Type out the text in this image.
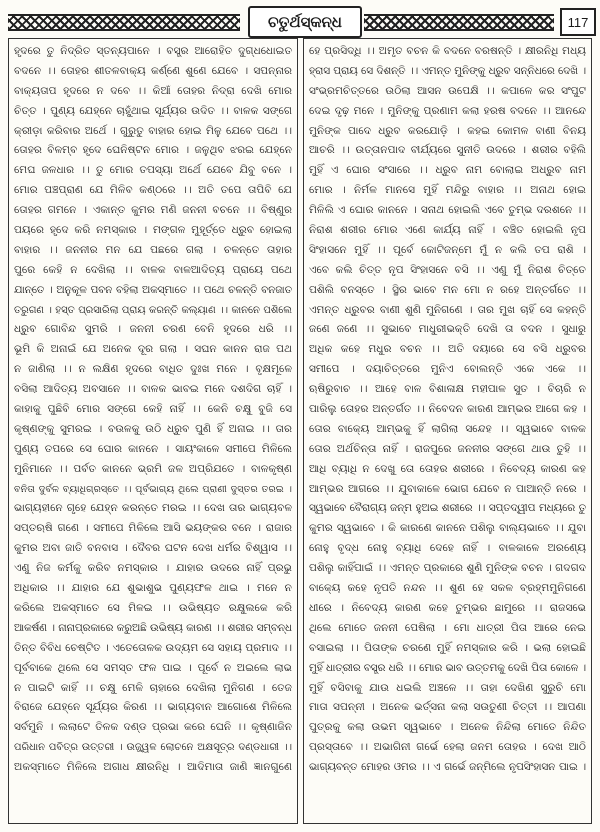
ଚତୁର୍ଥସ୍କନ୍ଧ	117
ହୃଦରେ ତୁ ନିଦ୍ରିତ ସ୍ତନ୍ୟପାନେ । ବସ୍ତ୍ର ଆରୋହିତ ଦୁଗ୍ଧଧୋଇତ
ବଦନେ ।। ତୋହର ଶୀତଳବାକ୍ୟ କର୍ଣ୍ଣେ ଶୁଣେ ଯେବେ । ସପନ୍ନାର
ବାକ୍ୟତାପ ହୃଦରେ ନ ଦବେ ।। କିଆଁ ତୋହର ନିଦ୍ରା ଦେଖି ମୋର
ଚିତ୍ତ । ପୁଣ୍ୟ ଯେହ୍ନେ ଚାହୁଁଥାଇ ସୂର୍ଯ୍ୟର ଉଦିତ ।। ବାଳକ ସଙ୍ଗେ
କ୍ରୀଡ଼ା କରିବାର ଅର୍ଥେ । ଗୁରୁତୁ ବାହାର ହୋଇ ମିଳୁ ଯେବେ ପଥେ ।।
ତୋହର ବିଳମ୍ବ ହୃଦେ ଘେନିଷ୍ଟନ ମୋର । ଜଳୁଥିବ ଝରଇ ଯେହ୍ନେ
ମେଘ ଜଳଧାର ।। ତୁ ମୋର ତପସ୍ୟା ଅର୍ଥେ ଯେବେ ଯିବୁ ବନେ ।
ମୋର ପଞ୍ଚପ୍ରାଣ ଯେ ମିଳିବ କଣ୍ଠରେ ।। ଅତି ତପେ ତାପିବି ଯେ
ତୋହର ଗମନେ । ଏକାନ୍ତ କୁମର ମଣି ଜନନୀ ବଚନେ ।। ବିଷ୍ଣୁର
ପୟରେ ହୃଦେ କରି ନମସ୍କାର । ମଙ୍ଗଳ ମୁହୂର୍ତ୍ତେ ଧ୍ରୁବ ହୋଇଲା
ବାହାର ।। ଜନନୀର ମନ ଯେ ପଛରେ ଗଲା । ଚଳନ୍ତେ ତାହାର
ପୁରେ କେହି ନ ଦେଖିଲା ।। ବାଳକ ବାଳଆଦିତ୍ୟ ପ୍ରାୟେ ପଥେ
ଯାନ୍ତେ । ଅନୁକୂଳ ପବନ ବହିଲା ଅକସ୍ମାତେ ।। ପଥେ ଚଳନ୍ତି ବନଜାତ
ତରୁଗଣ । ହସ୍ତ ପ୍ରସାରିଲା ପ୍ରାୟ କରନ୍ତି କଲ୍ୟାଣ ।। କାନନେ ପଶିଲେ
ଧ୍ରୁବ ଗୋବିନ୍ଦ ସୁମରି । ଜନନୀ ଚରଣ ବେନି ହୃଦରେ ଧରି ।।
ଭୂମି କି ଅନାଇଁ ଯେ ଅନେକ ଦୂର ଗଲା । ସଘନ କାନନ ରାଜ ପଥ
ନ ଜାଣିଲା ।। ନ ଲକ୍ଷିଣ ହୃଦରେ ବାଧିତ ଦୁଃଖ ମନେ । ବୃକ୍ଷମୂଳେ
ବସିଲା ଆଦିତ୍ୟ ଅବସାନେ ।। ବାଳକ ଭାବଇ ମନେ ଦଶଦିଗ ଚାହିଁ ।
କାହାକୁ ପୁଛିବି ମୋର ସଙ୍ଗେ କେହି ନାହିଁ ।। କେନି ଚକ୍ଷୁ ବୁଜି ସେ
କୃଷ୍ଣଙ୍କୁ ସୁମରଇ । ବଉଳକୁ ଉଠି ଧ୍ରୁବ ପୁଣି ହିଁ ଅନାଇ ।। ତାର
ପୁଣ୍ୟ ତପରେ ସେ ଘୋର କାନନେ । ସାୟଂକାଳେ ସମୀପେ ମିଳିଲେ
ମୁନିମାନେ ।। ପର୍ବତ କାନନେ ଭ୍ରମି ଜଳ ଅପ୍ରିଯତେ । ବାଳକୃଷ୍ଣ
ବନିତା ଦୁର୍ବଳ ବ୍ୟାଧିଗ୍ରସ୍ତେ ।। ପୂର୍ବଭାଗ୍ୟ ଥିଲେ ପ୍ରାଣୀ ଦୁସ୍ତର ତରଇ ।
ଭାଗ୍ୟହୀନେ ଗୃହେ ଯେହ୍ନ କରନ୍ତେ ମରଇ ।। ଦେଖ ତାର ଭାଗ୍ୟବଳ
ସପ୍ତଋଷି ଗଣେ । ସମୀପେ ମିଳିଲେ ଆସି ଭୟଙ୍କର ବନେ । ରାଜାର
କୁମର ଅବା ଜାତି ବନବାସ । ଦୈବର ଘଟନ ଦେଖ ଧର୍ମର ବିଶ୍ୱାସ ।।
ଏଣୁ ନିଜ କର୍ମକୁ କରିବ ନମସ୍କାର । ଯାହାର ଉଦରେ ନାହିଁ ପ୍ରଭୁ
ଅଧିକାର ।। ଯାହାର ଯେ ଶୁଭାଶୁଭ ପୁଣ୍ୟଫଳ ଥାଇ । ମନେ ନ
କରିଲେ ଅକସ୍ମାତେ ସେ ମିଳଇ ।। ଉଭିଷ୍ୟତ ରକ୍ଷୁଲକେ କରି
ଆକର୍ଷଣ । ନାନାପ୍ରକାରେ କରୁଅଛି ଉଭିଷ୍ୟ କାରଣ ।। ଶରୀର ସମ୍ବନ୍ଧ
ତିନ୍ତ ବିବିଧ ଚେଷ୍ଟିତ । ଏତେତୋଳକ ଉଦ୍ୟମ ସେ ସହାୟ ପ୍ରମାଦ ।।
ପୂର୍ବବାକେ ଥିଲେ ସେ ସମସ୍ତ ଫଳ ପାଇ । ପୂର୍ବେ ନ ଅଇଲେ ଲାଭ
ନ ପାଇଟି କାହିଁ ।। ଚକ୍ଷୁ ମେଳି ଚାହାରେ ଦେଖିଲା ମୁନିଗଣ । ତେଜ
ବିରାଜେ ଯେହ୍ନେ ସୂର୍ଯ୍ୟର କିରଣ ।। ଭାଗ୍ୟବାନ ଆଗୋଶେ ମିଳିଲେ
ସର୍ବମୁନି । ଲଲାଟେ ତିଳକ ଦଣ୍ଡ ପ୍ରଭା କରେ ଘେନି ।। କୃଷ୍ଣାଜିନ
ପରିଧାନ ପବିତ୍ର ଉତ୍ତରୀ । ଉଜ୍ଜ୍ୱଳ ଲୋଚନେ ଅକ୍ଷସୂତ୍ର ଦଣ୍ଡଧାରୀ ।।
ଅକସ୍ମାତେ ମିଳିଲେ ଅଗାଧ କ୍ଷୀରନିଧି । ଆଦିମାତା ଜାଣି ଜ୍ଞାନଗୁଣେ
ହେ ପ୍ରସିଦ୍ଧି ।। ଅମୃତ ବଚନ କି ବଦନେ ବରଷନ୍ତି । କ୍ଷୀରନିଧି ମଧ୍ୟ
ହ୍ରାସ ପ୍ରାୟ ସେ ଦିଶନ୍ତି ।। ଏମନ୍ତ ମୁନିଙ୍କୁ ଧ୍ରୁବ ସନ୍ନିଧରେ ଦେଖି ।
ସଂଭ୍ରମଚିତ୍ତରେ ଉଠିଲା ଆସନ ଉପେକ୍ଷି ।। କପାଳେ କର ସଂପୁଟ
ଦେଇ ଦୃଢ଼ ମନେ । ମୁନିଙ୍କୁ ପ୍ରଣାମ କଲା ହରଷ ବଦନେ ।। ଆନନ୍ଦେ
ମୁନିଙ୍କ ପାଦେ ଧ୍ରୁବ କରଯୋଡ଼ି । କହଇ କୋମଳ ବାଣୀ ବିନୟ
ଆଚରି ।। ଉତ୍ତାନପାଦ ବୀର୍ଯ୍ୟରେ ସୁନୀତି ଉଦରେ । ଶରୀର ବହିଲି
ମୁହିଁ ଏ ଘୋର ସଂସାରେ ।। ଧ୍ରୁବ ନାମ ବୋଲାଇ ଅଧ୍ରୁବ ନାମ
ମୋର । ନିର୍ମଳ ମାନସେ ମୁହିଁ ମନ୍ଦିରୁ ବାହାର ।। ଅନାଥ ହୋଇ
ମିଳିଲି ଏ ଘୋର କାନନେ । ସନାଥ ହୋଇଲି ଏବେ ତୁମ୍ଭ ଦରଶନେ ।।
ନିରାଶ ଶରୀର ମୋର ଏଣେ କାର୍ଯ୍ୟ ନାହିଁ । ବଞ୍ଚିତ ହୋଇଲି ନୃପ
ସିଂହାସନେ ମୁହିଁ ।। ପୂର୍ବେ କୋଟିଜନ୍ମେ ମୁଁ ନ କଲି ତପ ରାଶି ।
ଏବେ କଲି ଚିତ୍ତ ନୃପ ସିଂହାସନେ ବସି ।। ଏଣୁ ମୁଁ ନିରାଶ ଚିତ୍ତେ
ପଶିଲି ବନସ୍ତେ । ସ୍ଥିର ଭାବେ ମନ ମୋ ନ ରହେ ଅନ୍ତର୍ଗତେ ।।
ଏମନ୍ତ ଧ୍ରୁବର ବାଣୀ ଶୁଣି ମୁନିଗଣେ । ତାର ମୁଖ ଚାହିଁ ସେ କହନ୍ତି
ଜଣେ ଜଣେ ।। ସୁଭାବେ ମାଧୁରୀଭକ୍ତି ଦେଖି ତା ବଦନ । ସୁଧାରୁ
ଅଧିକ କହେ ମଧୁର ବଚନ ।। ଅତି ଦୟାରେ ସେ ବସି ଧ୍ରୁବର
ସମୀପେ । ଦୟାଚିତ୍ତରେ ମୁନିଏ ବୋଲନ୍ତି ଏକେ ଏକେ ।।
ଋଷିରୁବାଚ ।। ଆହେ ବାଳ ବିଶାଳାକ୍ଷ ମହୀପାଳ ସୁତ । ବିଚାରି ନ
ପାରିଲୁ ତୋହର ଅନ୍ତର୍ଗତ ।। ନିବେଦନ କାରଣ ଆମ୍ଭର ଆଗେ କହ ।
ତୋର ବାକ୍ୟେ ଆମ୍ଭକୁ ହିଁ ଲାଗିଲା ସନ୍ଦେହ ।। ସ୍ୱଭାବେ ବାଳକ
ତୋର ଅର୍ଥଚିନ୍ତା ନାହିଁ । ରାଜପୁରେ ଜନନୀର ସଙ୍ଗେ ଥାଉ ତୁହି ।।
ଆଧି ବ୍ୟାଧି ନ ଦେଖୁ ତୋ ତୋହର ଶରୀରେ । ନିବେଦ୍ୟ କାରଣ କହ
ଆମ୍ଭର ଆଗରେ ।। ଯୁବାକାଳେ ଭୋଗ ଯେବେ ନ ପାଆନ୍ତି ନରେ ।
ସ୍ୱଭାବେ ବୈରାଗ୍ୟ ଜନ୍ମ ହୁଅଇ ଶରୀରେ ।। ସପ୍ତଦ୍ୱୀପ ମଧ୍ୟରେ ତୁ
କୁମର ସ୍ୱଭାବେ । କି କାରଣେ କାନନେ ପଶିଲୁ ବାଲ୍ୟଭାବେ ।। ଯୁବା
ନୋହୁ ବୃଦ୍ଧ ନୋହୁ ବ୍ୟାଧି ଦେହେ ନାହିଁ । ବାଳକାଳେ ଅରଣ୍ୟେ
ପଶିଲୁ କାହିଁପାଇଁ ।। ଏମନ୍ତ ପ୍ରକାରେ ଶୁଣି ମୁନିଙ୍କ ବଚନ । ଗଦଗଦ
ବାକ୍ୟେ କହେ ନୃପତି ନନ୍ଦନ ।। ଶୁଣ ହେ ସକଳ ବ୍ରହ୍ମମୁନିଗଣେ
ଧୀରେ । ନିବେଦ୍ୟ କାରଣ କହେ ତୁମ୍ଭର ଛାମୁରେ ।। ରାଜସଭେ
ଥିଲେ ମୋତେ ଜନନୀ ପେଷିଲା । ମୋ ଧାତ୍ରୀ ପିତା ଆରେ ନେଇ
ବସାଇଲା ।। ପିତାଙ୍କ ଚରଣେ ମୁହିଁ ନମସ୍କାର କରି । ଭଲା ହୋଇଛି
ମୁହିଁ ଧାତ୍ରୀର ବସ୍ତ୍ର ଧରି ।। ମୋର ଭାବ ଉତ୍ତମକୁ ଦେଖି ପିତା କୋଳେ ।
ମୁହିଁ ବସିବାକୁ ଯାଉ ଧଇଲି ଅଞ୍ଚଳେ ।। ତାହା ଦେଖିଣ ସୁରୁଚି ମୋ
ମାତା ସପନ୍ନୀ । ଅନେକ ଭର୍ତ୍ସନା କଲା ସଉତୁଣୀ ଚିତ୍ତୀ ।। ଆପଣା
ପୁତ୍ରକୁ କଲା ଉଭମ ସ୍ୱଭାବେ । ଅନେକ ନିନ୍ଦିଲା ମୋତେ ନିନ୍ଦିତ
ପ୍ରସ୍ତାବେ ।। ଅଭାଗିନୀ ଗର୍ଭେ ହେଲା ଜନମ ତୋହର । ଦେଖ ଆଠି
ଭାଗ୍ୟବନ୍ତ ମୋହର ଓମର ।। ଏ ଗର୍ଭେ ଜନ୍ମିଲେ ନୃପସିଂହାସନ ପାଇ ।
